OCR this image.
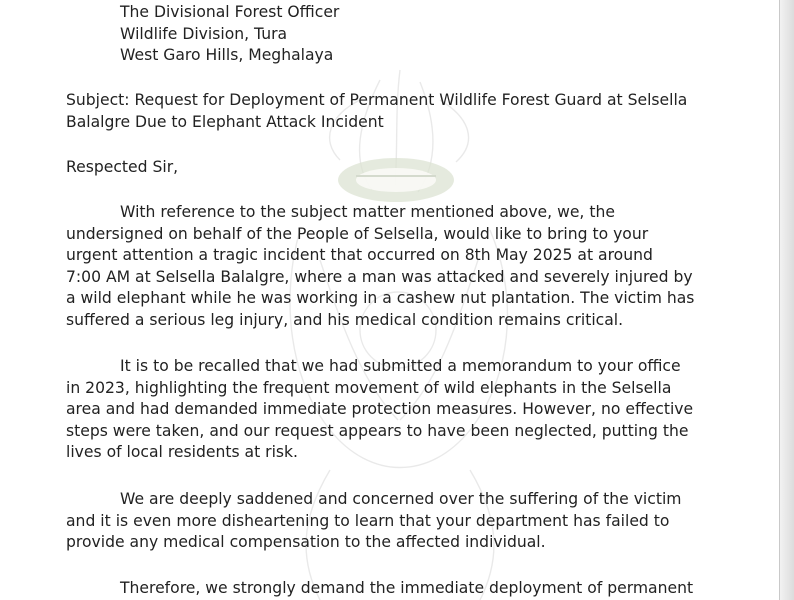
The Divisional Forest Officer
Wildlife Division, Tura
West Garo Hills, Meghalaya
Subject: Request for Deployment of Permanent Wildlife Forest Guard at Selsella
Balalgre Due to Elephant Attack Incident
Respected Sir,
With reference to the subject matter mentioned above, we, the
undersigned on behalf of the People of Selsella, would like to bring to your
urgent attention a tragic incident that occurred on 8th May 2025 at around
7:00 AM at Selsella Balalgre, where a man was attacked and severely injured by
a wild elephant while he was working in a cashew nut plantation. The victim has
suffered a serious leg injury, and his medical condition remains critical.
It is to be recalled that we had submitted a memorandum to your office
in 2023, highlighting the frequent movement of wild elephants in the Selsella
area and had demanded immediate protection measures. However, no effective
steps were taken, and our request appears to have been neglected, putting the
lives of local residents at risk.
We are deeply saddened and concerned over the suffering of the victim
and it is even more disheartening to learn that your department has failed to
provide any medical compensation to the affected individual.
Therefore, we strongly demand the immediate deployment of permanent
